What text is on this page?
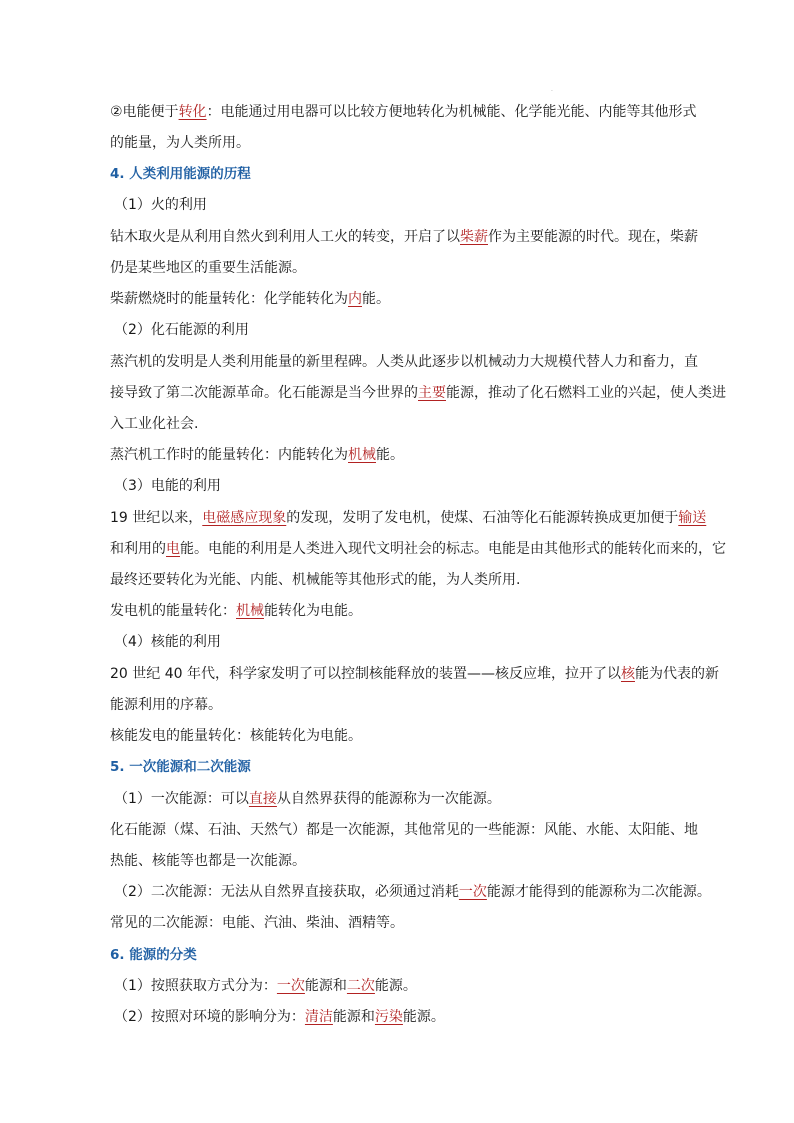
.
②电能便于转化：电能通过用电器可以比较方便地转化为机械能、化学能光能、内能等其他形式
的能量，为人类所用。
4. 人类利用能源的历程
（1）火的利用
钻木取火是从利用自然火到利用人工火的转变，开启了以柴薪作为主要能源的时代。现在，柴薪
仍是某些地区的重要生活能源。
柴薪燃烧时的能量转化：化学能转化为内能。
（2）化石能源的利用
蒸汽机的发明是人类利用能量的新里程碑。人类从此逐步以机械动力大规模代替人力和畜力，直
接导致了第二次能源革命。化石能源是当今世界的主要能源，推动了化石燃料工业的兴起，使人类进
入工业化社会.
蒸汽机工作时的能量转化：内能转化为机械能。
（3）电能的利用
19 世纪以来，电磁感应现象的发现，发明了发电机，使煤、石油等化石能源转换成更加便于输送
和利用的电能。电能的利用是人类进入现代文明社会的标志。电能是由其他形式的能转化而来的，它
最终还要转化为光能、内能、机械能等其他形式的能，为人类所用.
发电机的能量转化：机械能转化为电能。
（4）核能的利用
20 世纪 40 年代，科学家发明了可以控制核能释放的装置——核反应堆，拉开了以核能为代表的新
能源利用的序幕。
核能发电的能量转化：核能转化为电能。
5. 一次能源和二次能源
（1）一次能源：可以直接从自然界获得的能源称为一次能源。
化石能源（煤、石油、天然气）都是一次能源，其他常见的一些能源：风能、水能、太阳能、地
热能、核能等也都是一次能源。
（2）二次能源：无法从自然界直接获取，必须通过消耗一次能源才能得到的能源称为二次能源。
常见的二次能源：电能、汽油、柴油、酒精等。
6. 能源的分类
（1）按照获取方式分为：一次能源和二次能源。
（2）按照对环境的影响分为：清洁能源和污染能源。
